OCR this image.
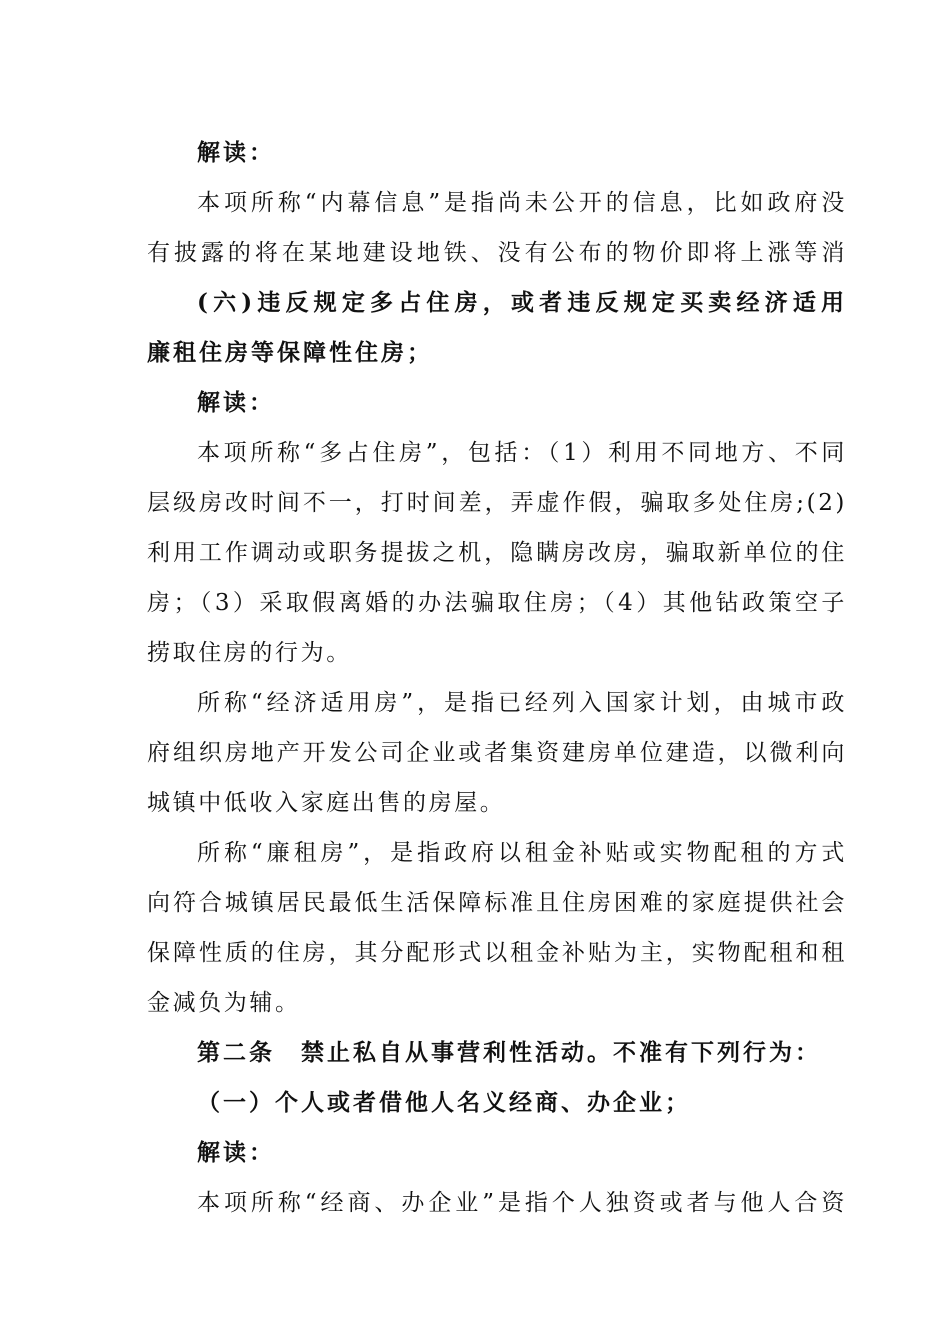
解读：
本项所称“内幕信息”是指尚未公开的信息，比如政府没
有披露的将在某地建设地铁、没有公布的物价即将上涨等消
(六)违反规定多占住房，或者违反规定买卖经济适用
廉租住房等保障性住房；
解读：
本项所称“多占住房”，包括：（1）利用不同地方、不同
层级房改时间不一，打时间差，弄虚作假，骗取多处住房;(2)
利用工作调动或职务提拔之机，隐瞒房改房，骗取新单位的住
房；（3）采取假离婚的办法骗取住房；（4）其他钻政策空子
捞取住房的行为。
所称“经济适用房”，是指已经列入国家计划，由城市政
府组织房地产开发公司企业或者集资建房单位建造，以微利向
城镇中低收入家庭出售的房屋。
所称“廉租房”，是指政府以租金补贴或实物配租的方式
向符合城镇居民最低生活保障标准且住房困难的家庭提供社会
保障性质的住房，其分配形式以租金补贴为主，实物配租和租
金减负为辅。
第二条　禁止私自从事营利性活动。不准有下列行为：
（一）个人或者借他人名义经商、办企业；
解读：
本项所称“经商、办企业”是指个人独资或者与他人合资
